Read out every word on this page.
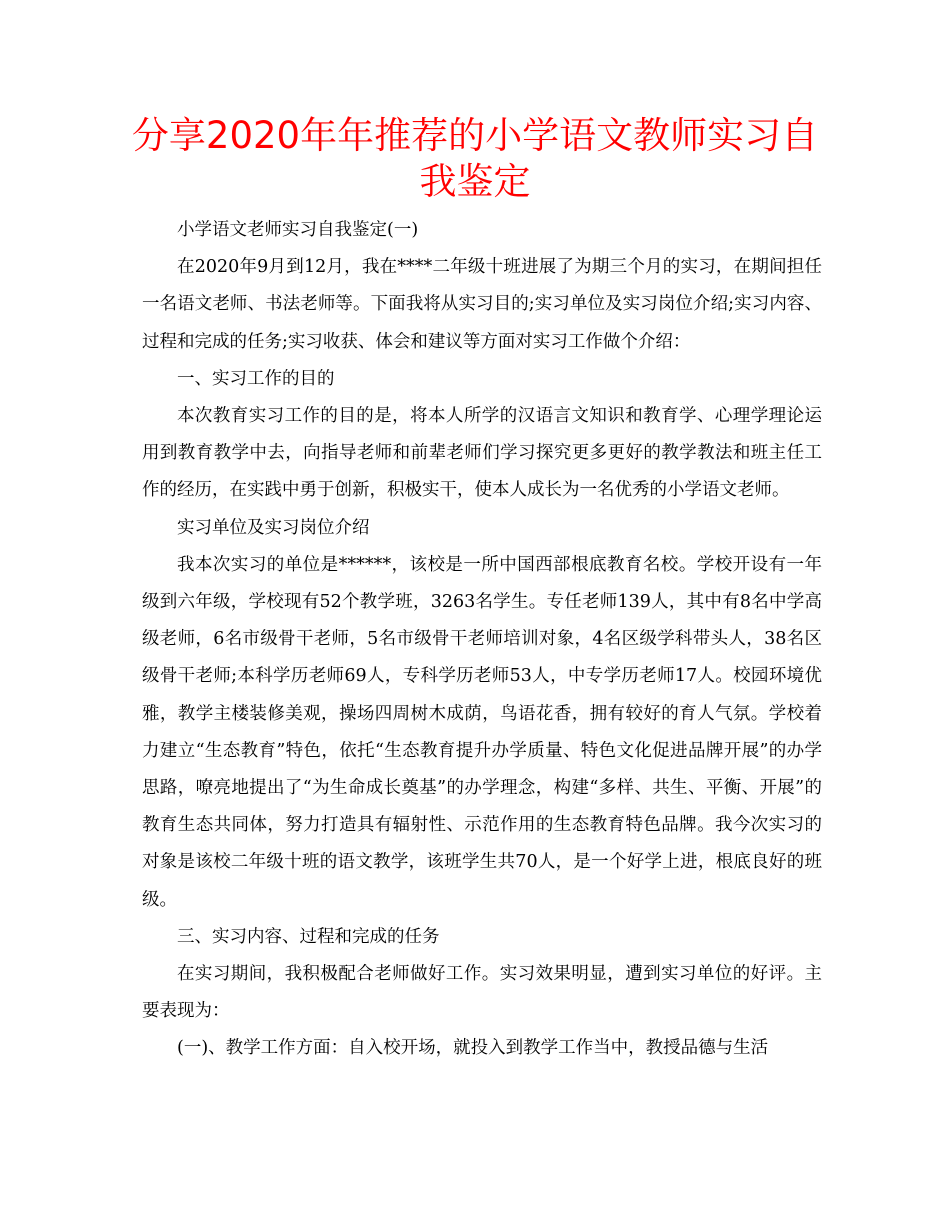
分享2020年年推荐的小学语文教师实习自我鉴定

小学语文老师实习自我鉴定(一)

在2020年9月到12月，我在****二年级十班进展了为期三个月的实习，在期间担任一名语文老师、书法老师等。下面我将从实习目的;实习单位及实习岗位介绍;实习内容、过程和完成的任务;实习收获、体会和建议等方面对实习工作做个介绍：

一、实习工作的目的

本次教育实习工作的目的是，将本人所学的汉语言文知识和教育学、心理学理论运用到教育教学中去，向指导老师和前辈老师们学习探究更多更好的教学教法和班主任工作的经历，在实践中勇于创新，积极实干，使本人成长为一名优秀的小学语文老师。

实习单位及实习岗位介绍

我本次实习的单位是******，该校是一所中国西部根底教育名校。学校开设有一年级到六年级，学校现有52个教学班，3263名学生。专任老师139人，其中有8名中学高级老师，6名市级骨干老师，5名市级骨干老师培训对象，4名区级学科带头人，38名区级骨干老师;本科学历老师69人，专科学历老师53人，中专学历老师17人。校园环境优雅，教学主楼装修美观，操场四周树木成荫，鸟语花香，拥有较好的育人气氛。学校着力建立“生态教育”特色，依托“生态教育提升办学质量、特色文化促进品牌开展”的办学思路，嘹亮地提出了“为生命成长奠基”的办学理念，构建“多样、共生、平衡、开展”的教育生态共同体，努力打造具有辐射性、示范作用的生态教育特色品牌。我今次实习的对象是该校二年级十班的语文教学，该班学生共70人，是一个好学上进，根底良好的班级。

三、实习内容、过程和完成的任务

在实习期间，我积极配合老师做好工作。实习效果明显，遭到实习单位的好评。主要表现为：

(一)、教学工作方面：自入校开场，就投入到教学工作当中，教授品德与生活
